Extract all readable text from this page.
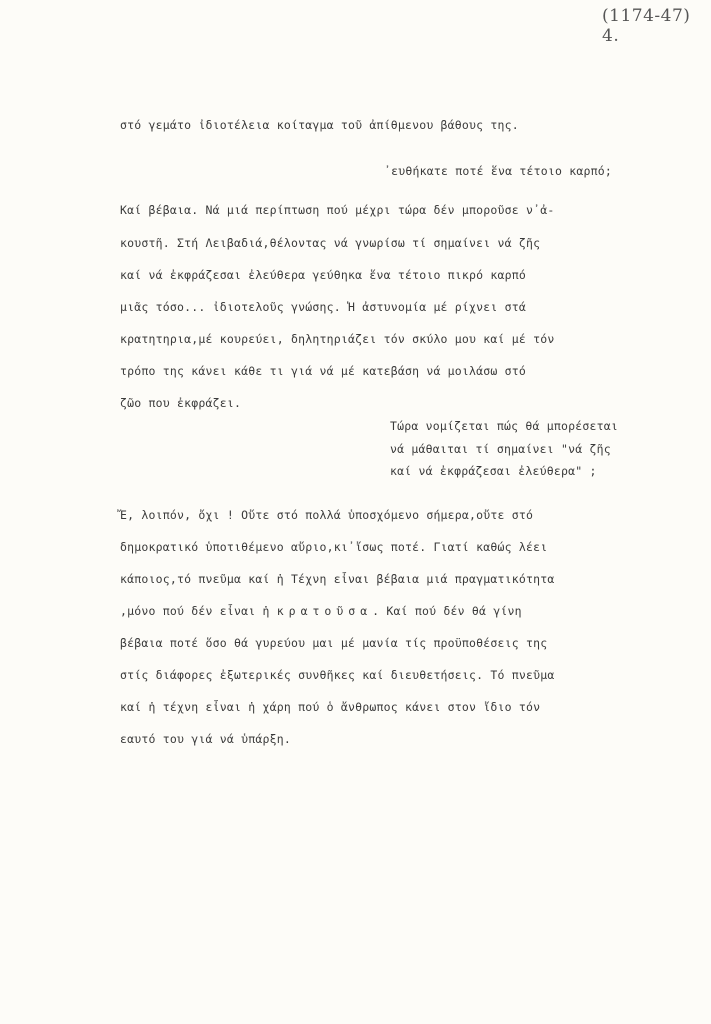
(1174-47) 4.
στό γεμάτο ἰδιοτέλεια κοίταγμα τοῦ ἀπίθμενου βάθους της.
᾽ευθήκατε ποτέ ἕνα τέτοιο καρπό;
Καί βέβαια. Νά μιά περίπτωση πού μέχρι τώρα δέν μποροῦσε ν᾽ἀ-
κουστῆ. Στή Λειβαδιά,θέλοντας νά γνωρίσω τί σημαίνει νά ζῆς
καί νά ἐκφράζεσαι ἐλεύθερα γεύθηκα ἕνα τέτοιο πικρό καρπό
μιᾶς τόσο... ἰδιοτελοῦς γνώσης. Ἡ ἀστυνομία μέ ρίχνει στά
κρατητηρια,μέ κουρεύει, δηλητηριάζει τόν σκύλο μου καί μέ τόν
τρόπο της κάνει κάθε τι γιά νά μέ κατεβάση νά μοιλάσω στό
ζῶο που ἐκφράζει.
Τώρα νομίζεται πώς θά μπορέσεται
νά μάθαιται τί σημαίνει "νά ζῆς
καί νά ἐκφράζεσαι ἐλεύθερα" ;
Ἔ, λοιπόν, ὄχι ! Οὔτε στό πολλά ὑποσχόμενο σήμερα,οὔτε στό
δημοκρατικό ὑποτιθέμενο αὔριο,κι᾽ἴσως ποτέ. Γιατί καθώς λέει
κάποιος,τό πνεῦμα καί ἡ Τέχνη εἶναι βέβαια μιά πραγματικότητα
,μόνο πού δέν εἶναι ἡ κρατοῦσα. Καί πού δέν θά γίνη
βέβαια ποτέ ὅσο θά γυρεύου μαι μέ μανία τίς προϋποθέσεις της
στίς διάφορες ἐξωτερικές συνθῆκες καί διευθετήσεις. Τό πνεῦμα
καί ἡ τέχνη εἶναι ἡ χάρη πού ὁ ἄνθρωπος κάνει στον ἴδιο τόν
εαυτό του γιά νά ὑπάρξη.
